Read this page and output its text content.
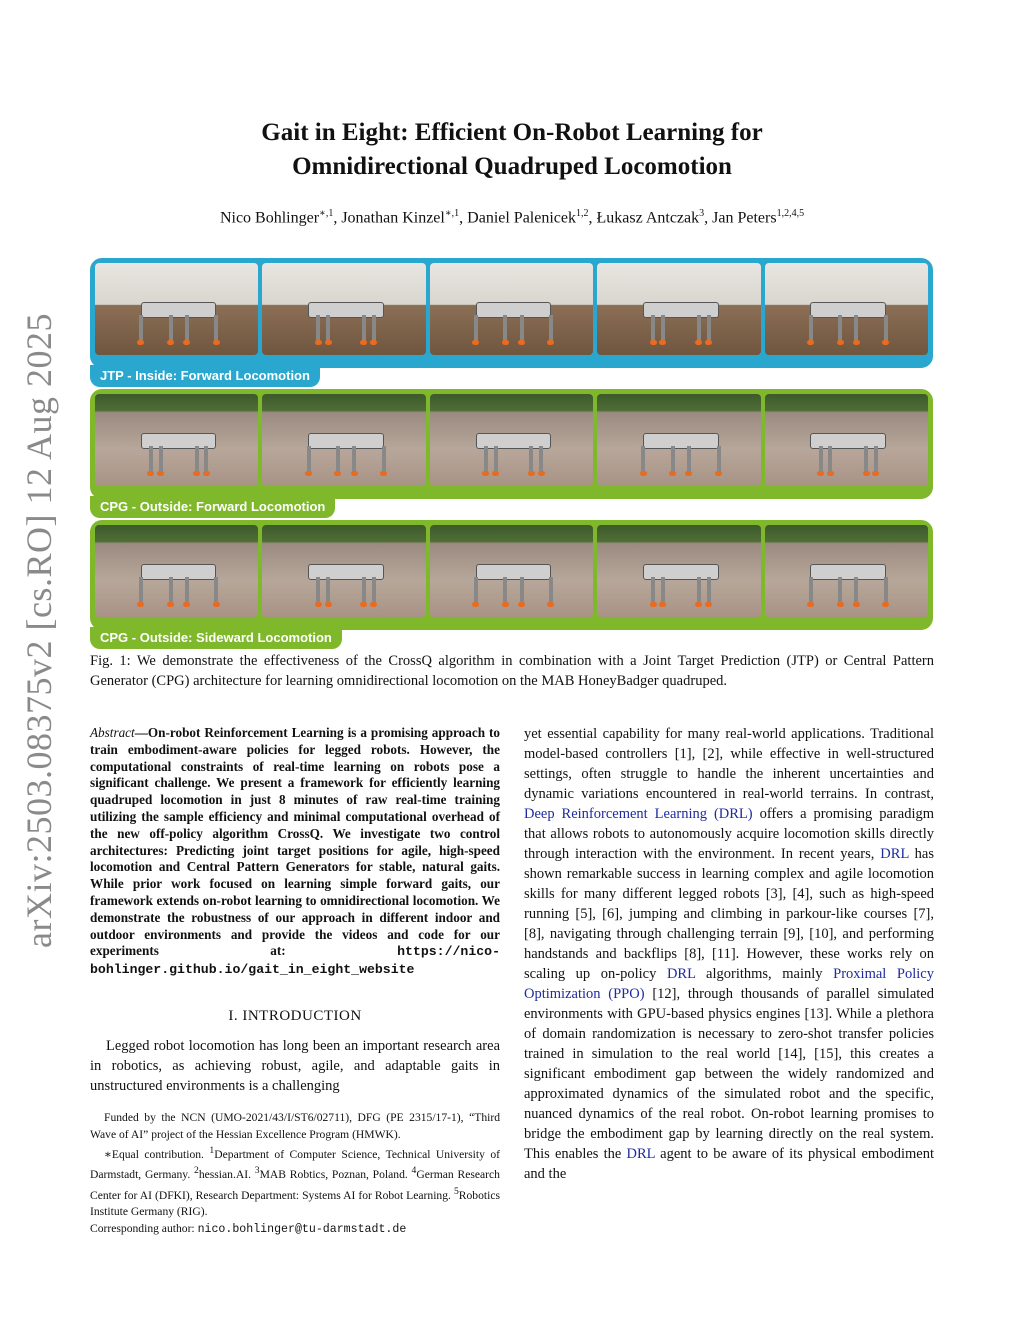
arXiv:2503.08375v2 [cs.RO] 12 Aug 2025
Gait in Eight: Efficient On-Robot Learning for
Omnidirectional Quadruped Locomotion
Nico Bohlinger$^{∗,1}$, Jonathan Kinzel$^{∗,1}$, Daniel Palenicek$^{1,2}$, Łukasz Antczak$^3$, Jan Peters$^{1,2,4,5}$
JTP - Inside: Forward Locomotion
CPG - Outside: Forward Locomotion
CPG - Outside: Sideward Locomotion
Fig. 1: We demonstrate the effectiveness of the CrossQ algorithm in combination with a Joint Target Prediction (JTP) or Central Pattern Generator (CPG) architecture for learning omnidirectional locomotion on the MAB HoneyBadger quadruped.
Abstract—On-robot Reinforcement Learning is a promising approach to train embodiment-aware policies for legged robots. However, the computational constraints of real-time learning on robots pose a significant challenge. We present a framework for efficiently learning quadruped locomotion in just 8 minutes of raw real-time training utilizing the sample efficiency and minimal computational overhead of the new off-policy algorithm CrossQ. We investigate two control architectures: Predicting joint target positions for agile, high-speed locomotion and Central Pattern Generators for stable, natural gaits. While prior work focused on learning simple forward gaits, our framework extends on-robot learning to omnidirectional locomotion. We demonstrate the robustness of our approach in different indoor and outdoor environments and provide the videos and code for our experiments at: https://nico-bohlinger.github.io/gait_in_eight_website
I. INTRODUCTION

Legged robot locomotion has long been an important research area in robotics, as achieving robust, agile, and adaptable gaits in unstructured environments is a challenging

Funded by the NCN (UMO-2021/43/I/ST6/02711), DFG (PE 2315/17-1), “Third Wave of AI” project of the Hessian Excellence Program (HMWK).

∗Equal contribution. $^1$Department of Computer Science, Technical University of Darmstadt, Germany. $^2$hessian.AI. $^3$MAB Robtics, Poznan, Poland. $^4$German Research Center for AI (DFKI), Research Department: Systems AI for Robot Learning. $^5$Robotics Institute Germany (RIG).

Corresponding author: nico.bohlinger@tu-darmstadt.de

yet essential capability for many real-world applications. Traditional model-based controllers [1], [2], while effective in well-structured settings, often struggle to handle the inherent uncertainties and dynamic variations encountered in real-world terrains. In contrast, Deep Reinforcement Learning (DRL) offers a promising paradigm that allows robots to autonomously acquire locomotion skills directly through interaction with the environment. In recent years, DRL has shown remarkable success in learning complex and agile locomotion skills for many different legged robots [3], [4], such as high-speed running [5], [6], jumping and climbing in parkour-like courses [7], [8], navigating through challenging terrain [9], [10], and performing handstands and backflips [8], [11]. However, these works rely on scaling up on-policy DRL algorithms, mainly Proximal Policy Optimization (PPO) [12], through thousands of parallel simulated environments with GPU-based physics engines [13]. While a plethora of domain randomization is necessary to zero-shot transfer policies trained in simulation to the real world [14], [15], this creates a significant embodiment gap between the widely randomized and approximated dynamics of the simulated robot and the specific, nuanced dynamics of the real robot. On-robot learning promises to bridge the embodiment gap by learning directly on the real system. This enables the DRL agent to be aware of its physical embodiment and the
